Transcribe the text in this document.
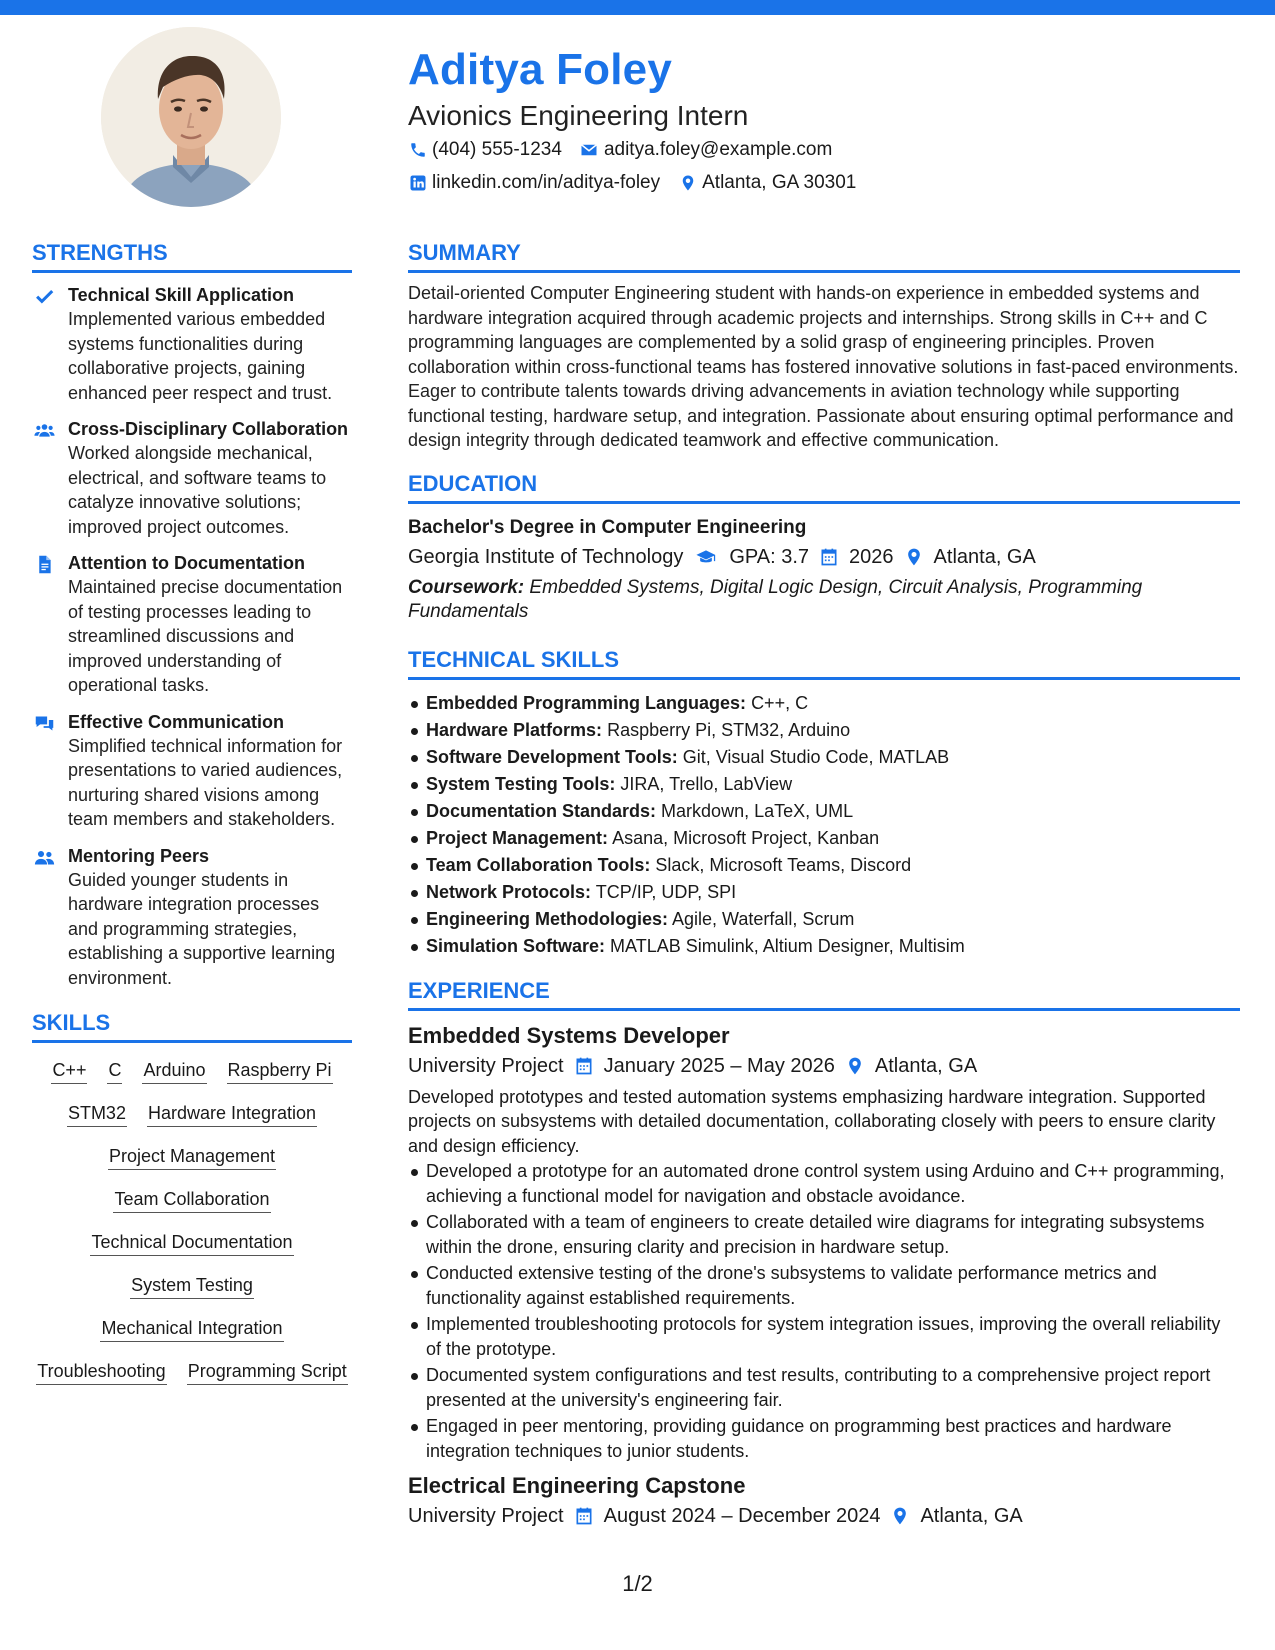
Aditya Foley
Avionics Engineering Intern
(404) 555-1234 aditya.foley@example.com
linkedin.com/in/aditya-foley Atlanta, GA 30301
STRENGTHS
Technical Skill Application
Implemented various embedded systems functionalities during collaborative projects, gaining enhanced peer respect and trust.
Cross-Disciplinary Collaboration
Worked alongside mechanical, electrical, and software teams to catalyze innovative solutions; improved project outcomes.
Attention to Documentation
Maintained precise documentation of testing processes leading to streamlined discussions and improved understanding of operational tasks.
Effective Communication
Simplified technical information for presentations to varied audiences, nurturing shared visions among team members and stakeholders.
Mentoring Peers
Guided younger students in hardware integration processes and programming strategies, establishing a supportive learning environment.
SKILLS
C++ C Arduino Raspberry Pi
STM32 Hardware Integration
Project Management
Team Collaboration
Technical Documentation
System Testing
Mechanical Integration
Troubleshooting Programming Script
SUMMARY
Detail-oriented Computer Engineering student with hands-on experience in embedded systems and hardware integration acquired through academic projects and internships. Strong skills in C++ and C programming languages are complemented by a solid grasp of engineering principles. Proven collaboration within cross-functional teams has fostered innovative solutions in fast-paced environments. Eager to contribute talents towards driving advancements in aviation technology while supporting functional testing, hardware setup, and integration. Passionate about ensuring optimal performance and design integrity through dedicated teamwork and effective communication.
EDUCATION
Bachelor's Degree in Computer Engineering
Georgia Institute of Technology GPA: 3.7 2026 Atlanta, GA
Coursework: Embedded Systems, Digital Logic Design, Circuit Analysis, Programming Fundamentals
TECHNICAL SKILLS
Embedded Programming Languages: C++, C
Hardware Platforms: Raspberry Pi, STM32, Arduino
Software Development Tools: Git, Visual Studio Code, MATLAB
System Testing Tools: JIRA, Trello, LabView
Documentation Standards: Markdown, LaTeX, UML
Project Management: Asana, Microsoft Project, Kanban
Team Collaboration Tools: Slack, Microsoft Teams, Discord
Network Protocols: TCP/IP, UDP, SPI
Engineering Methodologies: Agile, Waterfall, Scrum
Simulation Software: MATLAB Simulink, Altium Designer, Multisim
EXPERIENCE
Embedded Systems Developer
University Project January 2025 – May 2026 Atlanta, GA
Developed prototypes and tested automation systems emphasizing hardware integration. Supported projects on subsystems with detailed documentation, collaborating closely with peers to ensure clarity and design efficiency.
Developed a prototype for an automated drone control system using Arduino and C++ programming, achieving a functional model for navigation and obstacle avoidance.
Collaborated with a team of engineers to create detailed wire diagrams for integrating subsystems within the drone, ensuring clarity and precision in hardware setup.
Conducted extensive testing of the drone's subsystems to validate performance metrics and functionality against established requirements.
Implemented troubleshooting protocols for system integration issues, improving the overall reliability of the prototype.
Documented system configurations and test results, contributing to a comprehensive project report presented at the university's engineering fair.
Engaged in peer mentoring, providing guidance on programming best practices and hardware integration techniques to junior students.
Electrical Engineering Capstone
University Project August 2024 – December 2024 Atlanta, GA
1/2
